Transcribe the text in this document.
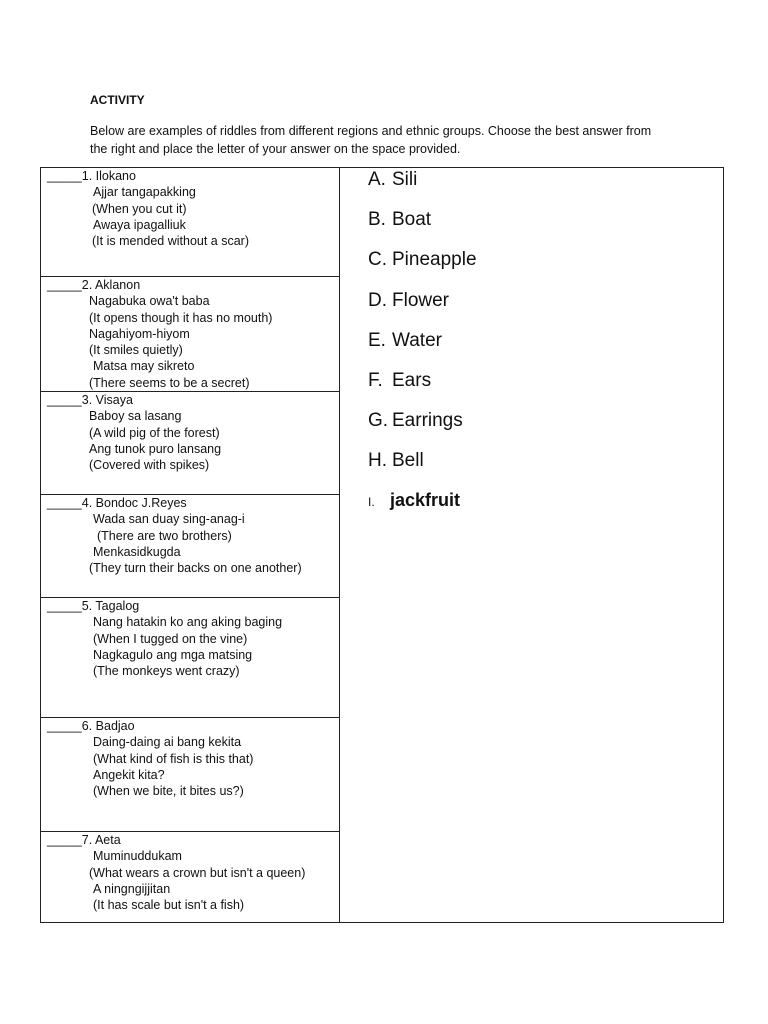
ACTIVITY
Below are examples of riddles from different regions and ethnic groups. Choose the best answer from the right and place the letter of your answer on the space provided.
_____1. Ilokano
Ajjar tangapakking
(When you cut it)
Awaya ipagalliuk
(It is mended without a scar)
_____2. Aklanon
Nagabuka owa't baba
(It opens though it has no mouth)
Nagahiyom-hiyom
(It smiles quietly)
Matsa may sikreto
(There seems to be a secret)
_____3. Visaya
Baboy sa lasang
(A wild pig of the forest)
Ang tunok puro lansang
(Covered with spikes)
_____4. Bondoc J.Reyes
Wada san duay sing-anag-i
(There are two brothers)
Menkasidkugda
(They turn their backs on one another)
_____5. Tagalog
Nang hatakin ko ang aking baging
(When I tugged on the vine)
Nagkagulo ang mga matsing
(The monkeys went crazy)
_____6. Badjao
Daing-daing ai bang kekita
(What kind of fish is this that)
Angekit kita?
(When we bite, it bites us?)
_____7. Aeta
Muminuddukam
(What wears a crown but isn't a queen)
A ningngijjitan
(It has scale but isn't a fish)
A. Sili
B. Boat
C. Pineapple
D. Flower
E. Water
F. Ears
G. Earrings
H. Bell
I. jackfruit
